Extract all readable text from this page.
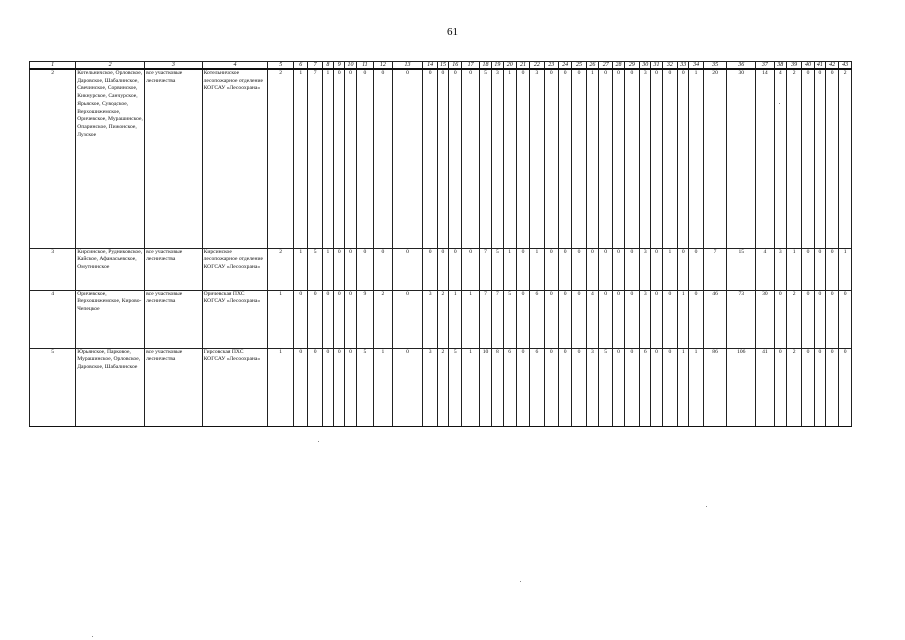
61
1	2	3	4	5	6	7	8	9	10	11	12	13	14	15	16	17	18	19	20	21	22	23	24	25	26	27	28	29	30	31	32	33	34	35	36	37	38	39	40	41	42	43
2	Котельничское, Орловское, Даровское, Шабалинское, Свечинское, Сорвинское, Кикнурское, Санчурское, Ярьяское, Суводское, Верхошижемское, Оричевское, Мурашинское, Опаринское, Пижонское, Лузское	все участковые лесничества	Котельничское лесопожарное отделение КОГСАУ «Лесоохрана»	2	1	7	1	0	0	0	0	0	0	0	0	0	5	3	1	0	3	0	0	0	1	0	0	0	3	0	0	0	1	20	30	14	4	2	0	0	0	2
3	Кирсинское, Рудниковское, Кайское, Афанасьевское, Омутнинское	все участковые лесничества	Кирсинское лесопожарное отделение КОГСАУ «Лесоохрана»	2	1	5	1	0	0	0	0	0	0	0	0	0	7	5	1	0	1	0	0	0	0	0	0	0	3	0	1	0	0	7	15	4	3	1	0	0	0	1
4	Оричевское, Верхошижемское, Кирово-Чепецкое	все участковые лесничества	Оричевская ПХС КОГСАУ «Лесоохрана»	1	0	0	0	0	0	9	2	0	3	2	1	1	7	7	5	0	6	0	0	0	4	0	0	0	3	0	0	1	0	46	73	30	0	2	0	0	0	0
5	Юрьянское, Парковое, Мурашинское, Орловское, Даровское, Шабалинское	все участковые лесничества	Гирсовская ПХС КОГСАУ «Лесоохрана»	1	0	0	0	0	0	5	1	0	3	2	5	1	10	8	6	0	6	0	0	0	3	5	0	0	6	0	0	1	1	86	106	41	0	2	0	0	0	0
